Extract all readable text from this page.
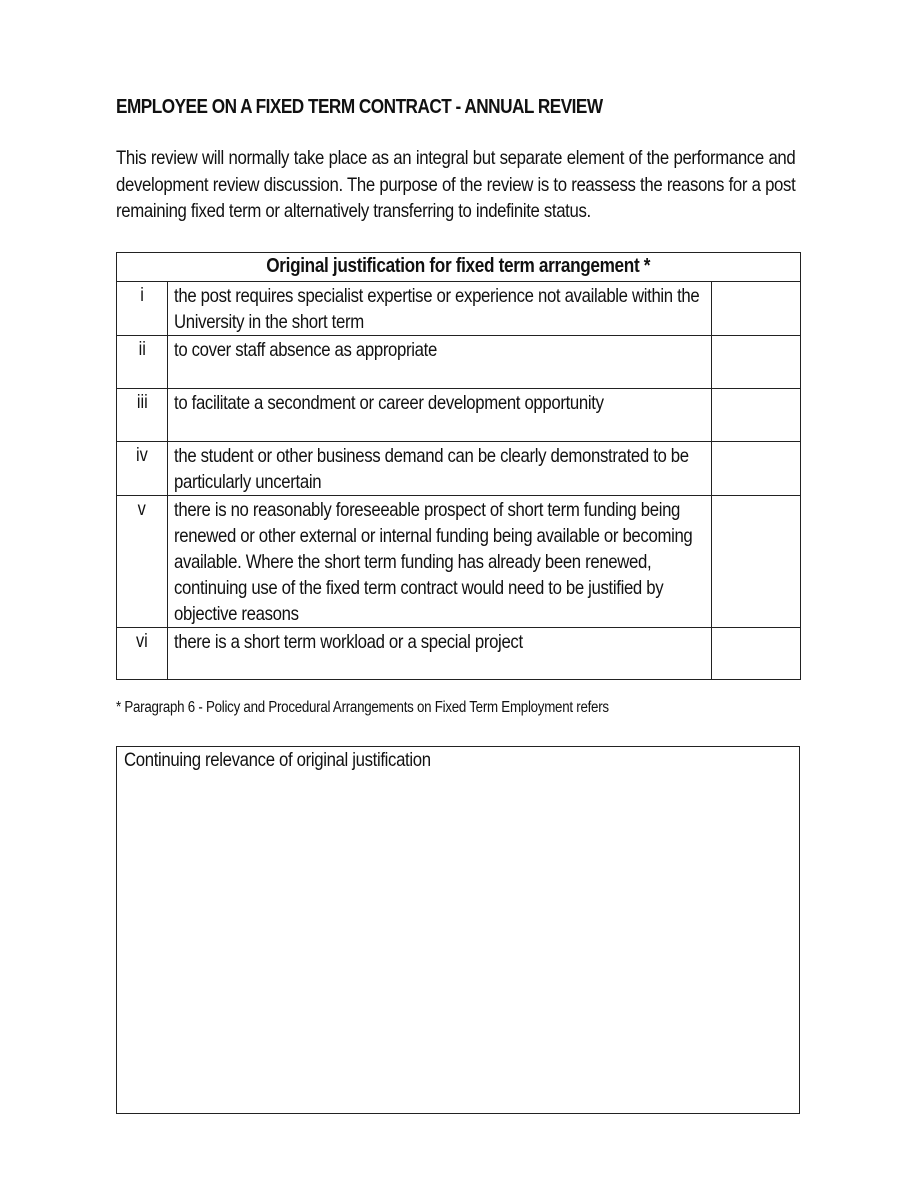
EMPLOYEE ON A FIXED TERM CONTRACT - ANNUAL REVIEW
This review will normally take place as an integral but separate element of the performance and development review discussion. The purpose of the review is to reassess the reasons for a post remaining fixed term or alternatively transferring to indefinite status.
Original justification for fixed term arrangement *		
i	the post requires specialist expertise or experience not available within the University in the short term	

ii	to cover staff absence as appropriate	

iii	to facilitate a secondment or career development opportunity	

iv	the student or other business demand can be clearly demonstrated to be particularly uncertain	

v	there is no reasonably foreseeable prospect of short term funding being renewed or other external or internal funding being available or becoming available. Where the short term funding has already been renewed, continuing use of the fixed term contract would need to be justified by objective reasons	

vi	there is a short term workload or a special project	

* Paragraph 6 - Policy and Procedural Arrangements on Fixed Term Employment refers
Continuing relevance of original justification
